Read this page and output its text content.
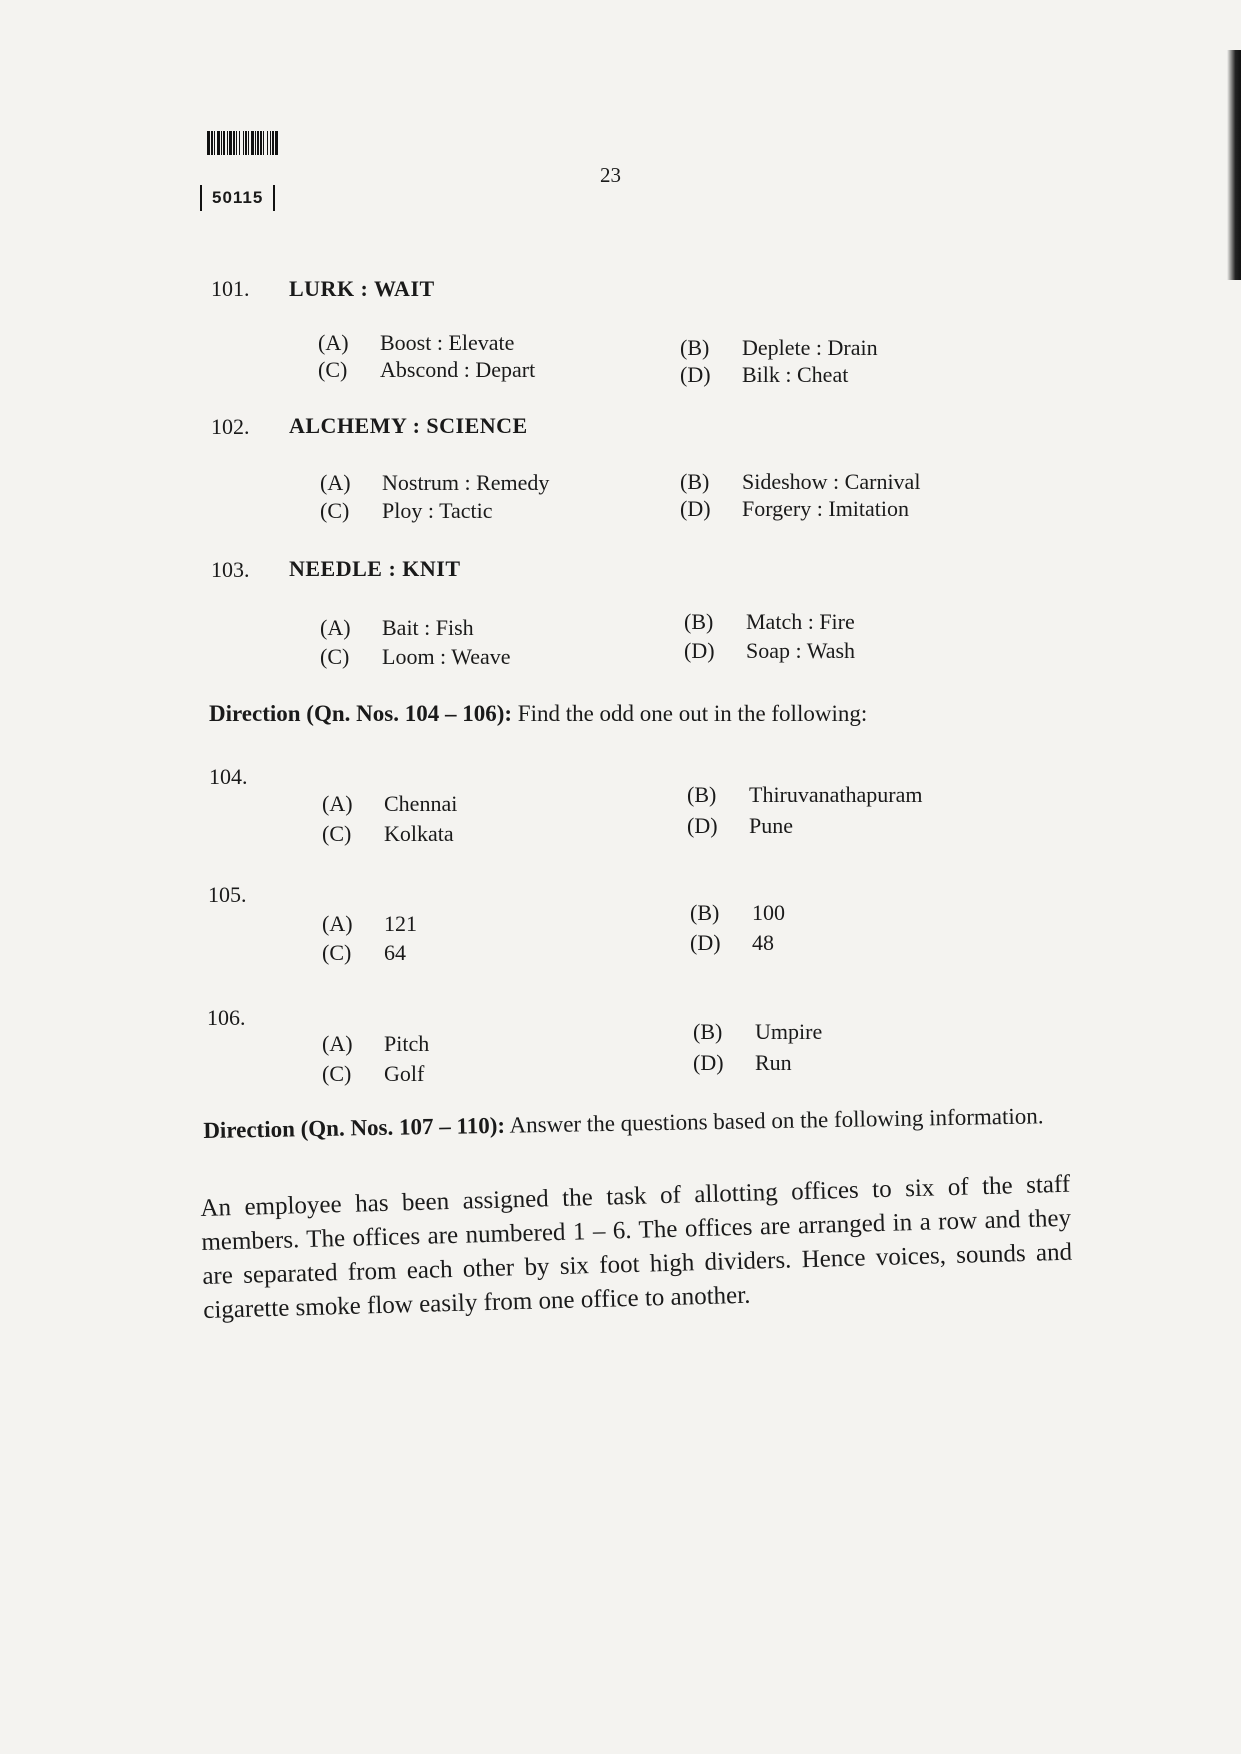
50115
23
101. LURK : WAIT
(A) Boost : Elevate	(B) Deplete : Drain
(C) Abscond : Depart	(D) Bilk : Cheat
102. ALCHEMY : SCIENCE
(A) Nostrum : Remedy	(B) Sideshow : Carnival
(C) Ploy : Tactic	(D) Forgery : Imitation
103. NEEDLE : KNIT
(A) Bait : Fish	(B) Match : Fire
(C) Loom : Weave	(D) Soap : Wash
Direction (Qn. Nos. 104 – 106): Find the odd one out in the following:
104.
(A) Chennai	(B) Thiruvanathapuram
(C) Kolkata	(D) Pune
105.
(A) 121	(B) 100
(C) 64	(D) 48
106.
(A) Pitch	(B) Umpire
(C) Golf	(D) Run
Direction (Qn. Nos. 107 – 110): Answer the questions based on the following information.
An employee has been assigned the task of allotting offices to six of the staff members. The offices are numbered 1 – 6. The offices are arranged in a row and they are separated from each other by six foot high dividers. Hence voices, sounds and cigarette smoke flow easily from one office to another.
